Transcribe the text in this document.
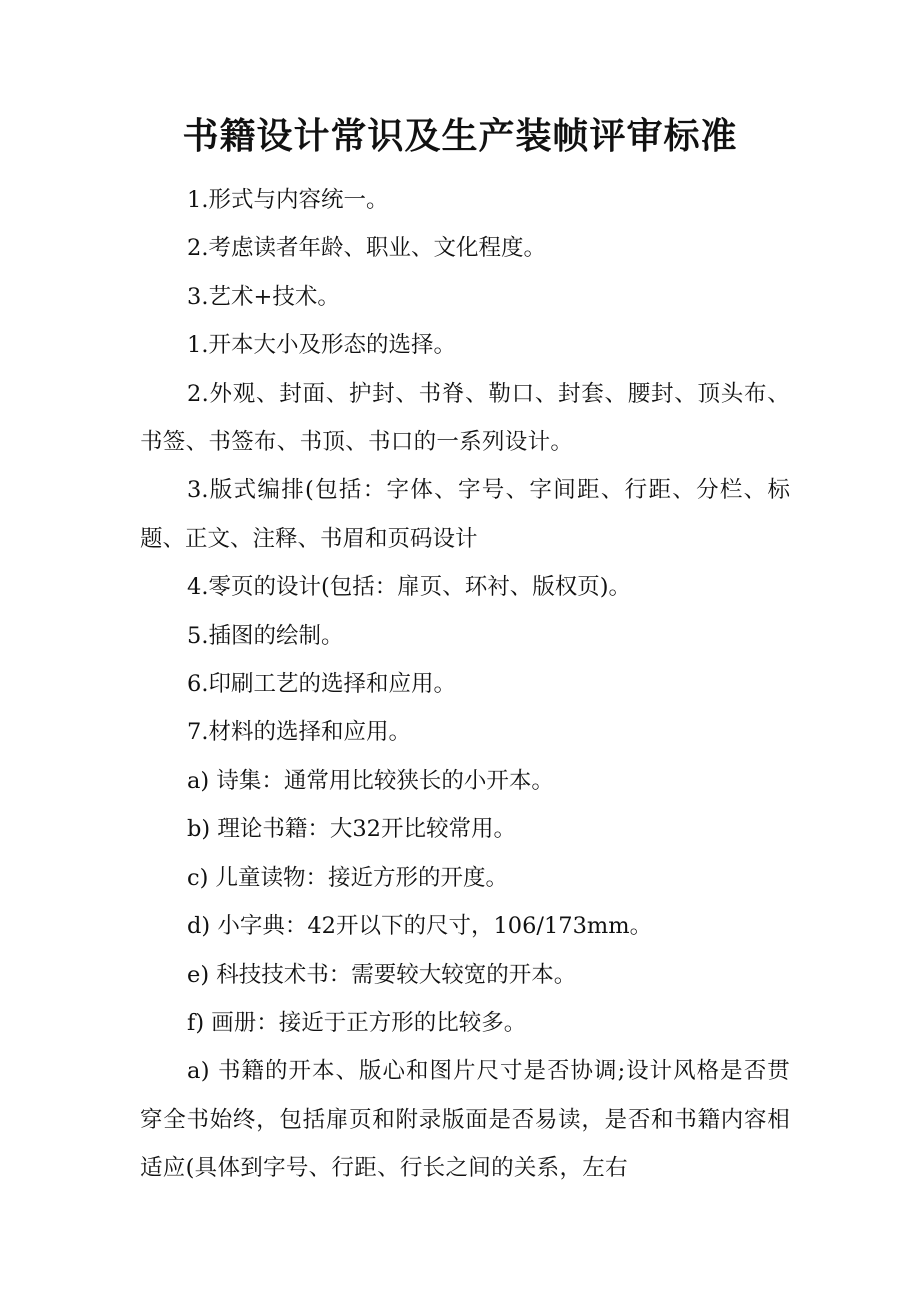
书籍设计常识及生产装帧评审标准

1.形式与内容统一。

2.考虑读者年龄、职业、文化程度。

3.艺术+技术。

1.开本大小及形态的选择。

2.外观、封面、护封、书脊、勒口、封套、腰封、顶头布、书签、书签布、书顶、书口的一系列设计。

3.版式编排(包括：字体、字号、字间距、行距、分栏、标题、正文、注释、书眉和页码设计

4.零页的设计(包括：扉页、环衬、版权页)。

5.插图的绘制。

6.印刷工艺的选择和应用。

7.材料的选择和应用。

a) 诗集：通常用比较狭长的小开本。

b) 理论书籍：大32开比较常用。

c) 儿童读物：接近方形的开度。

d) 小字典：42开以下的尺寸，106/173mm。

e) 科技技术书：需要较大较宽的开本。

f) 画册：接近于正方形的比较多。

a) 书籍的开本、版心和图片尺寸是否协调;设计风格是否贯穿全书始终，包括扉页和附录版面是否易读，是否和书籍内容相适应(具体到字号、行距、行长之间的关系，左右
